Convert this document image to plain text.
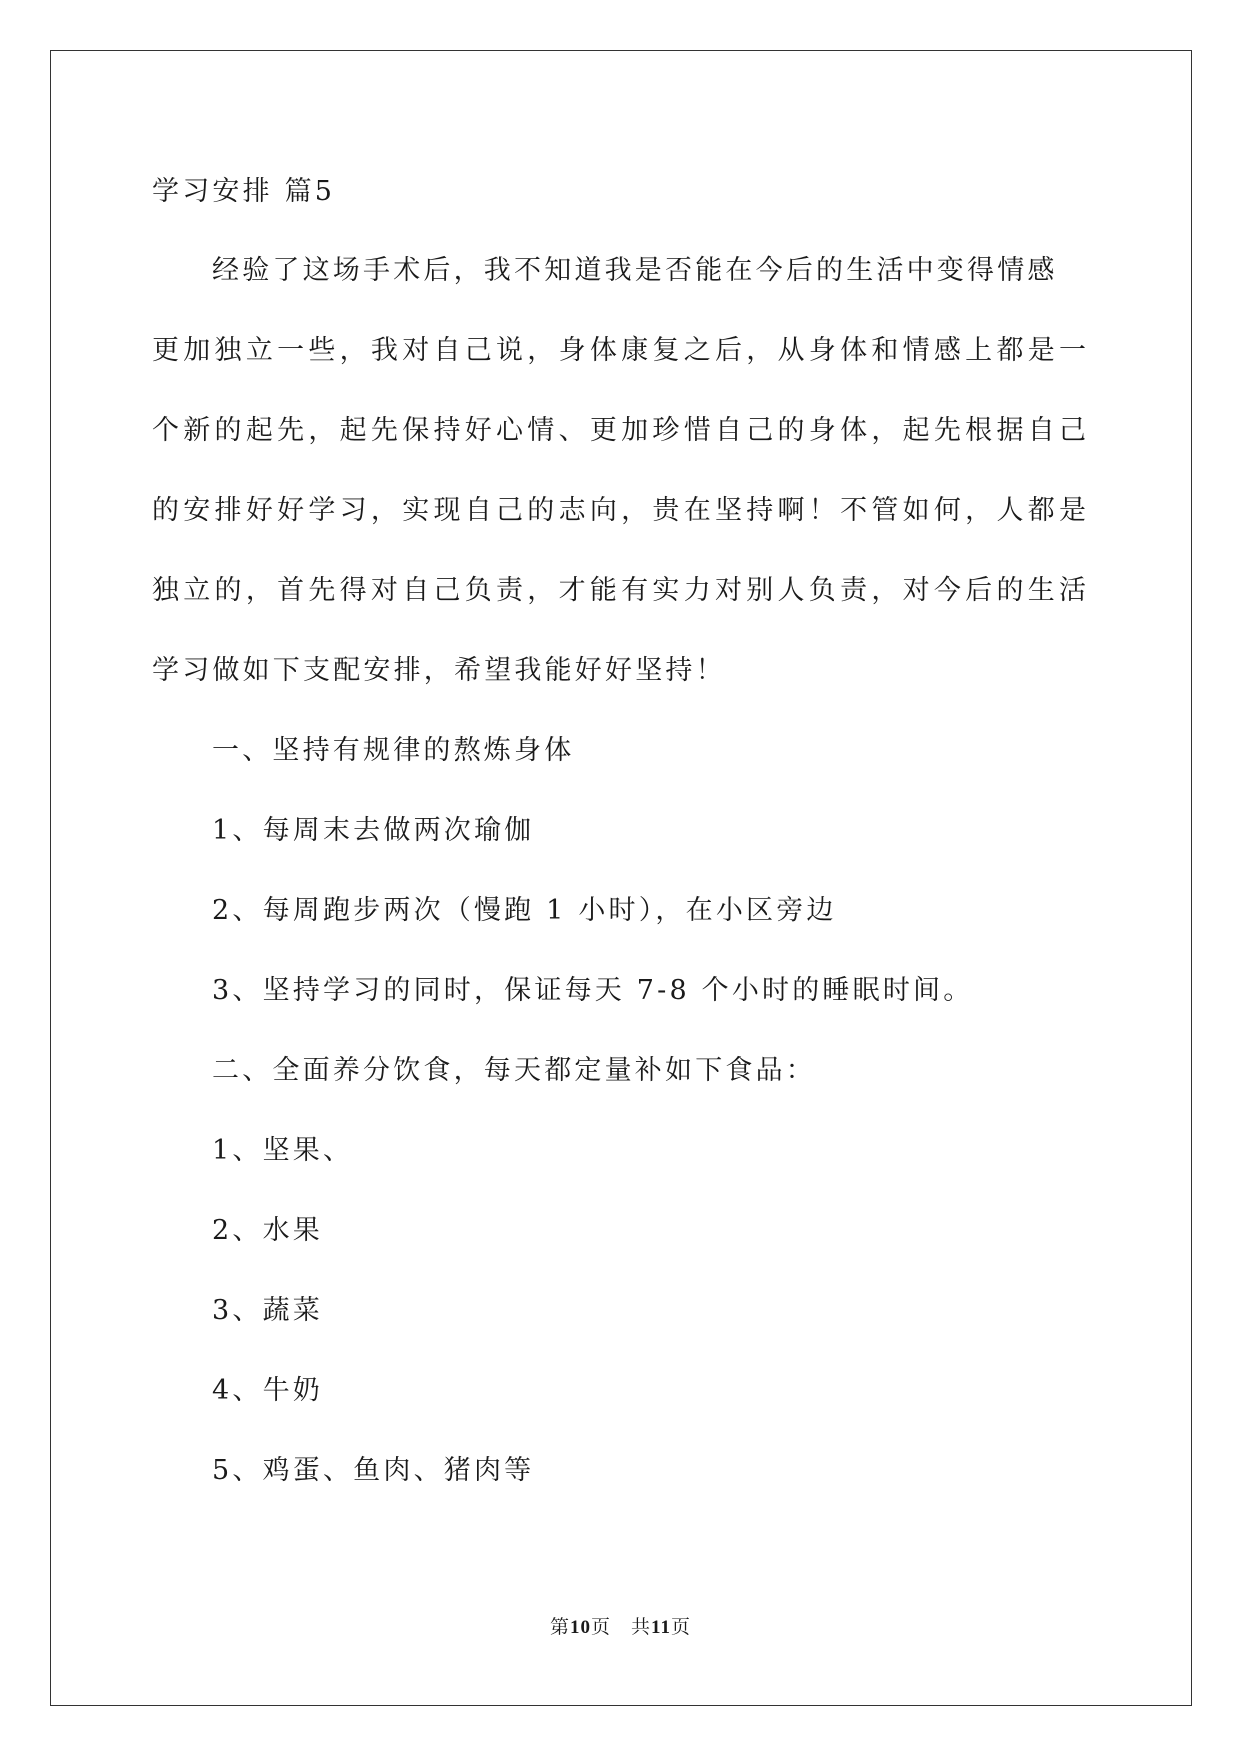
学习安排 篇5
经验了这场手术后，我不知道我是否能在今后的生活中变得情感
更加独立一些，我对自己说，身体康复之后，从身体和情感上都是一
个新的起先，起先保持好心情、更加珍惜自己的身体，起先根据自己
的安排好好学习，实现自己的志向，贵在坚持啊！不管如何，人都是
独立的，首先得对自己负责，才能有实力对别人负责，对今后的生活
学习做如下支配安排，希望我能好好坚持！
一、坚持有规律的熬炼身体
1、每周末去做两次瑜伽
2、每周跑步两次（慢跑 1 小时），在小区旁边
3、坚持学习的同时，保证每天 7-8 个小时的睡眠时间。
二、全面养分饮食，每天都定量补如下食品：
1、坚果、
2、水果
3、蔬菜
4、牛奶
5、鸡蛋、鱼肉、猪肉等
第10页　共11页
